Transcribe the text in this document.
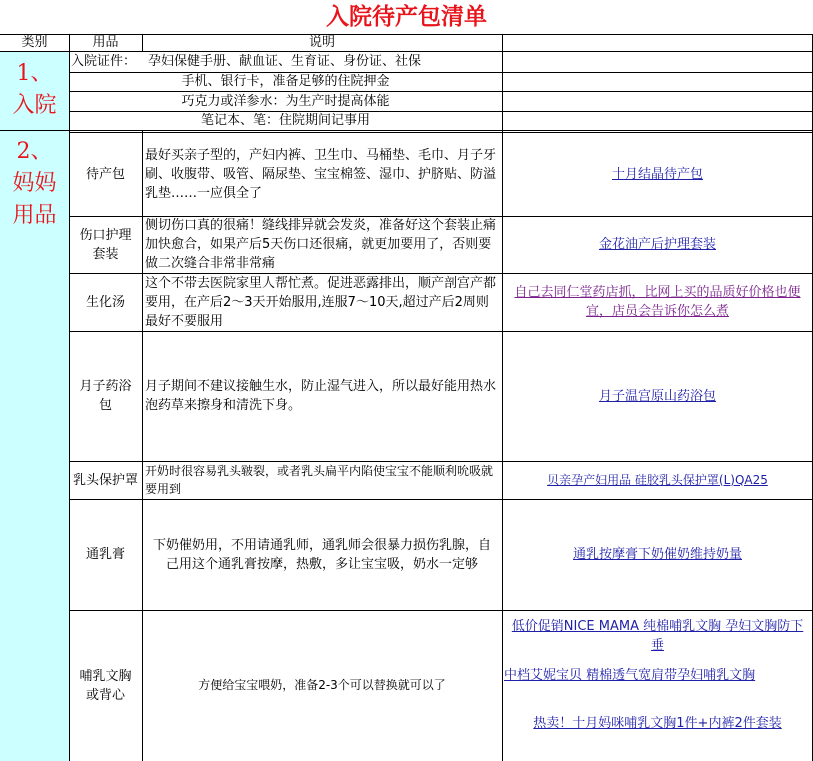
入院待产包清单
类别	用品	说明
1、
入院
入院证件： 孕妇保健手册、献血证、生育证、身份证、社保
手机、银行卡，准备足够的住院押金
巧克力或洋参水：为生产时提高体能
笔记本、笔：住院期间记事用
2、
妈妈
用品
待产包
最好买亲子型的，产妇内裤、卫生巾、马桶垫、毛巾、月子牙刷、收腹带、吸管、隔尿垫、宝宝棉签、湿巾、护脐贴、防溢乳垫……一应俱全了
十月结晶待产包
伤口护理套装
侧切伤口真的很痛！缝线排异就会发炎，准备好这个套装止痛加快愈合，如果产后5天伤口还很痛，就更加要用了，否则要做二次缝合非常非常痛
金花油产后护理套装
生化汤
这个不带去医院家里人帮忙煮。促进恶露排出，顺产剖宫产都要用，在产后2～3天开始服用,连服7～10天,超过产后2周则最好不要服用
自己去同仁堂药店抓，比网上买的品质好价格也便宜，店员会告诉你怎么煮
月子药浴包
月子期间不建议接触生水，防止湿气进入，所以最好能用热水泡药草来擦身和清洗下身。
月子温宫原山药浴包
乳头保护罩
开奶时很容易乳头皲裂，或者乳头扁平内陷使宝宝不能顺利吮吸就要用到
贝亲孕产妇用品 硅胶乳头保护罩(L)QA25
通乳膏
下奶催奶用，不用请通乳师，通乳师会很暴力损伤乳腺，自己用这个通乳膏按摩，热敷，多让宝宝吸，奶水一定够
通乳按摩膏下奶催奶维持奶量
哺乳文胸或背心
方便给宝宝喂奶，准备2-3个可以替换就可以了
低价促销NICE MAMA 纯棉哺乳文胸 孕妇文胸防下垂
中档艾妮宝贝 精棉透气宽肩带孕妇哺乳文胸
热卖！十月妈咪哺乳文胸1件+内裤2件套装
